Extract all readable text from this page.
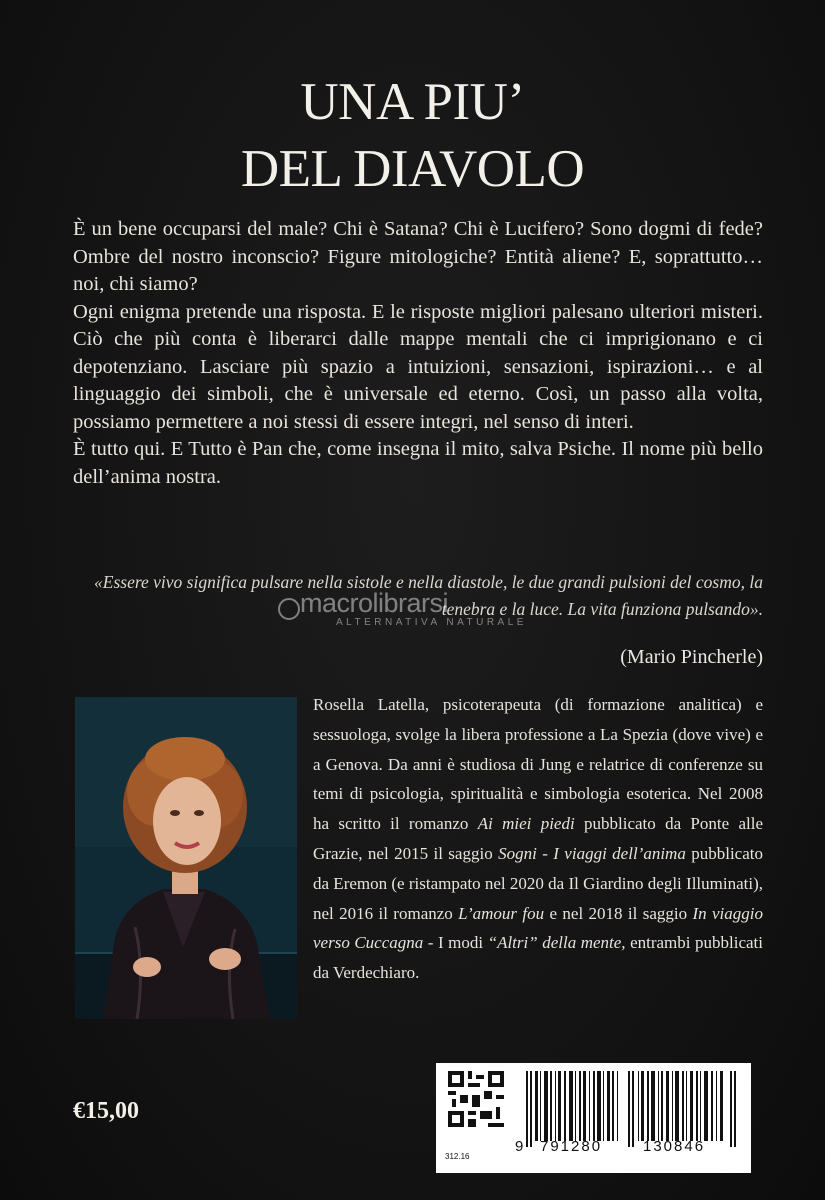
UNA PIU’
DEL DIAVOLO

È un bene occuparsi del male? Chi è Satana? Chi è Lucifero? Sono dogmi di fede? Ombre del nostro inconscio? Figure mitologiche? Entità aliene? E, soprattutto… noi, chi siamo?

Ogni enigma pretende una risposta. E le risposte migliori palesano ulteriori misteri. Ciò che più conta è liberarci dalle mappe mentali che ci imprigionano e ci depotenziano. Lasciare più spazio a intuizioni, sensazioni, ispirazioni… e al linguaggio dei simboli, che è universale ed eterno. Così, un passo alla volta, possiamo permettere a noi stessi di essere integri, nel senso di interi.

È tutto qui. E Tutto è Pan che, come insegna il mito, salva Psiche. Il nome più bello dell’anima nostra.

«Essere vivo significa pulsare nella sistole e nella diastole, le due grandi pulsioni del cosmo, la tenebra e la luce. La vita funziona pulsando».
macrolibrarsi
ALTERNATIVA NATURALE
(Mario Pincherle)
Rosella Latella, psicoterapeuta (di formazione analitica) e sessuologa, svolge la libera professione a La Spezia (dove vive) e a Genova. Da anni è studiosa di Jung e relatrice di conferenze su temi di psicologia, spiritualità e simbologia esoterica. Nel 2008 ha scritto il romanzo Ai miei piedi pubblicato da Ponte alle Grazie, nel 2015 il saggio Sogni - I viaggi dell’anima pubblicato da Eremon (e ristampato nel 2020 da Il Giardino degli Illuminati), nel 2016 il romanzo L’amour fou e nel 2018 il saggio In viaggio verso Cuccagna - I modi “Altri” della mente, entrambi pubblicati da Verdechiaro.
€15,00
312.16
9 791280	130846
